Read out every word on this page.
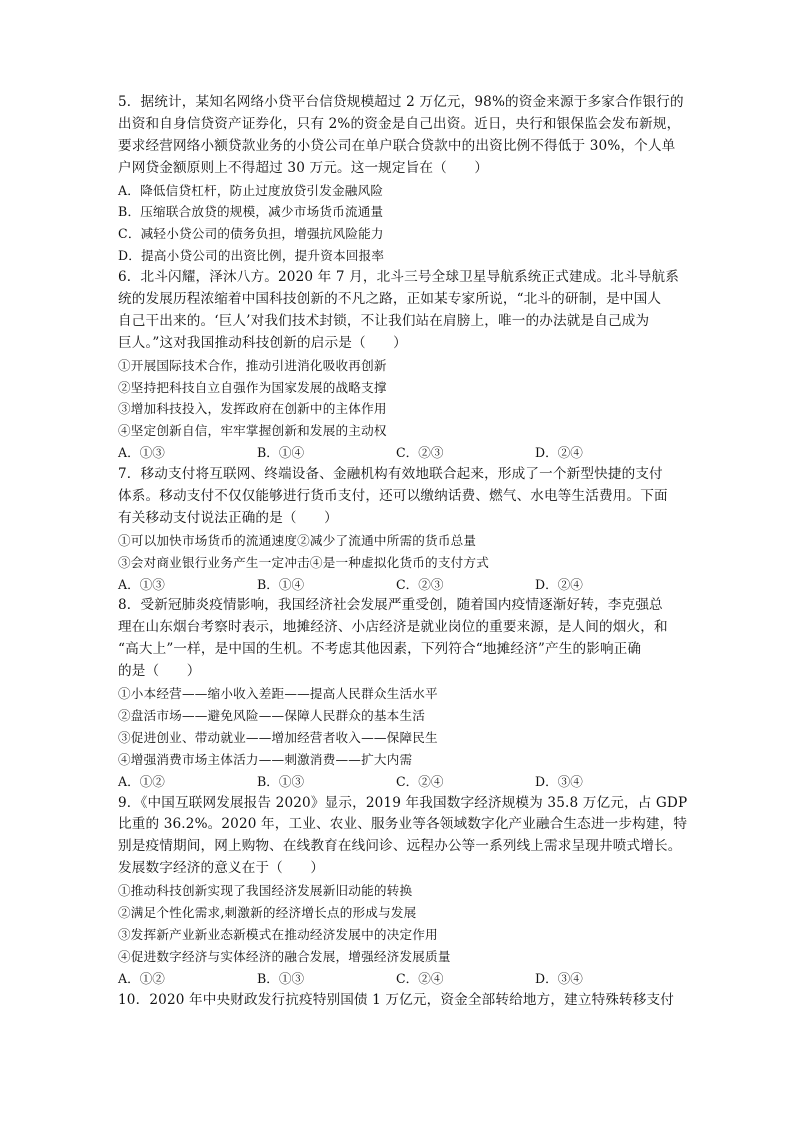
5．据统计，某知名网络小贷平台信贷规模超过 2 万亿元，98%的资金来源于多家合作银行的
出资和自身信贷资产证券化，只有 2%的资金是自己出资。近日，央行和银保监会发布新规，
要求经营网络小额贷款业务的小贷公司在单户联合贷款中的出资比例不得低于 30%，个人单
户网贷金额原则上不得超过 30 万元。这一规定旨在（　　）
A．降低信贷杠杆，防止过度放贷引发金融风险
B．压缩联合放贷的规模，减少市场货币流通量
C．减轻小贷公司的债务负担，增强抗风险能力
D．提高小贷公司的出资比例，提升资本回报率
6．北斗闪耀，泽沐八方。2020 年 7 月，北斗三号全球卫星导航系统正式建成。北斗导航系
统的发展历程浓缩着中国科技创新的不凡之路，正如某专家所说，“北斗的研制，是中国人
自己干出来的。‘巨人’对我们技术封锁，不让我们站在肩膀上，唯一的办法就是自己成为
巨人。”这对我国推动科技创新的启示是（　　）
①开展国际技术合作，推动引进消化吸收再创新
②坚持把科技自立自强作为国家发展的战略支撑
③增加科技投入，发挥政府在创新中的主体作用
④坚定创新自信，牢牢掌握创新和发展的主动权
A．①③	B．①④	C．②③	D．②④
7．移动支付将互联网、终端设备、金融机构有效地联合起来，形成了一个新型快捷的支付
体系。移动支付不仅仅能够进行货币支付，还可以缴纳话费、燃气、水电等生活费用。下面
有关移动支付说法正确的是（　　）
①可以加快市场货币的流通速度②减少了流通中所需的货币总量
③会对商业银行业务产生一定冲击④是一种虚拟化货币的支付方式
A．①③	B．①④	C．②③	D．②④
8．受新冠肺炎疫情影响，我国经济社会发展严重受创，随着国内疫情逐渐好转，李克强总
理在山东烟台考察时表示，地摊经济、小店经济是就业岗位的重要来源，是人间的烟火，和
“高大上”一样，是中国的生机。不考虑其他因素，下列符合“地摊经济”产生的影响正确
的是（　　）
①小本经营——缩小收入差距——提高人民群众生活水平
②盘活市场——避免风险——保障人民群众的基本生活
③促进创业、带动就业——增加经营者收入——保障民生
④增强消费市场主体活力——刺激消费——扩大内需
A．①②	B．①③	C．②④	D．③④
9．《中国互联网发展报告 2020》显示，2019 年我国数字经济规模为 35.8 万亿元，占 GDP
比重的 36.2%。2020 年，工业、农业、服务业等各领域数字化产业融合生态进一步构建，特
别是疫情期间，网上购物、在线教育在线问诊、远程办公等一系列线上需求呈现井喷式增长。
发展数字经济的意义在于（　　）
①推动科技创新实现了我国经济发展新旧动能的转换
②满足个性化需求,刺激新的经济增长点的形成与发展
③发挥新产业新业态新模式在推动经济发展中的决定作用
④促进数字经济与实体经济的融合发展，增强经济发展质量
A．①②	B．①③	C．②④	D．③④
10．2020 年中央财政发行抗疫特别国债 1 万亿元，资金全部转给地方，建立特殊转移支付
